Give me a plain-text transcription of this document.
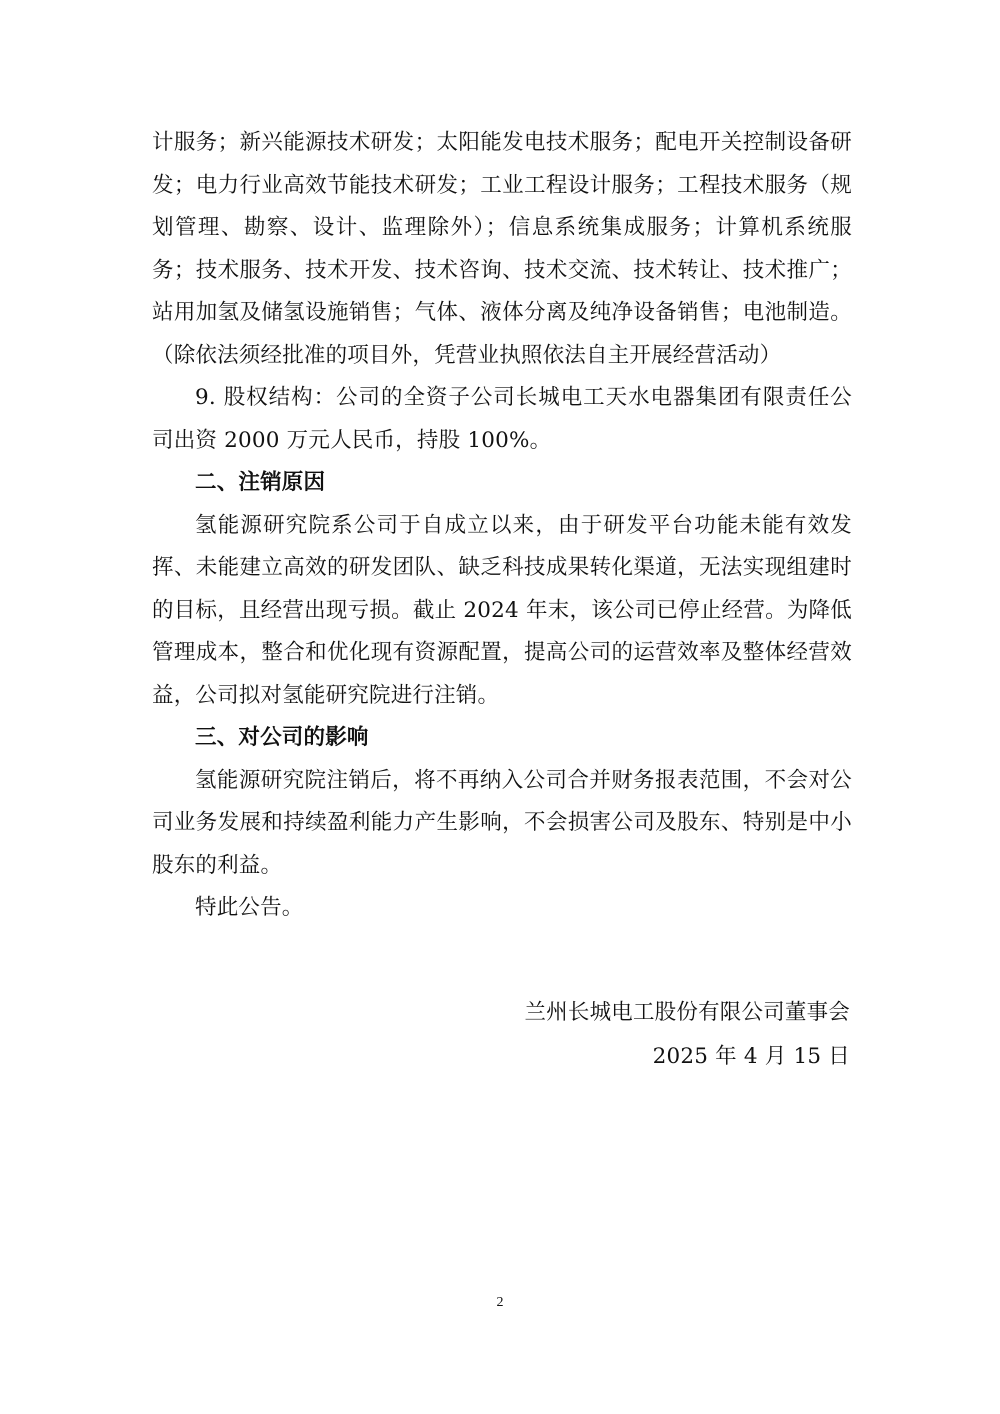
计服务；新兴能源技术研发；太阳能发电技术服务；配电开关控制设备研发；电力行业高效节能技术研发；工业工程设计服务；工程技术服务（规划管理、勘察、设计、监理除外）；信息系统集成服务；计算机系统服务；技术服务、技术开发、技术咨询、技术交流、技术转让、技术推广；站用加氢及储氢设施销售；气体、液体分离及纯净设备销售；电池制造。（除依法须经批准的项目外，凭营业执照依法自主开展经营活动）

9. 股权结构：公司的全资子公司长城电工天水电器集团有限责任公司出资 2000 万元人民币，持股 100%。

二、注销原因

氢能源研究院系公司于自成立以来，由于研发平台功能未能有效发挥、未能建立高效的研发团队、缺乏科技成果转化渠道，无法实现组建时的目标，且经营出现亏损。截止 2024 年末，该公司已停止经营。为降低管理成本，整合和优化现有资源配置，提高公司的运营效率及整体经营效益，公司拟对氢能研究院进行注销。

三、对公司的影响

氢能源研究院注销后，将不再纳入公司合并财务报表范围，不会对公司业务发展和持续盈利能力产生影响，不会损害公司及股东、特别是中小股东的利益。

特此公告。

兰州长城电工股份有限公司董事会
2025 年 4 月 15 日
2
